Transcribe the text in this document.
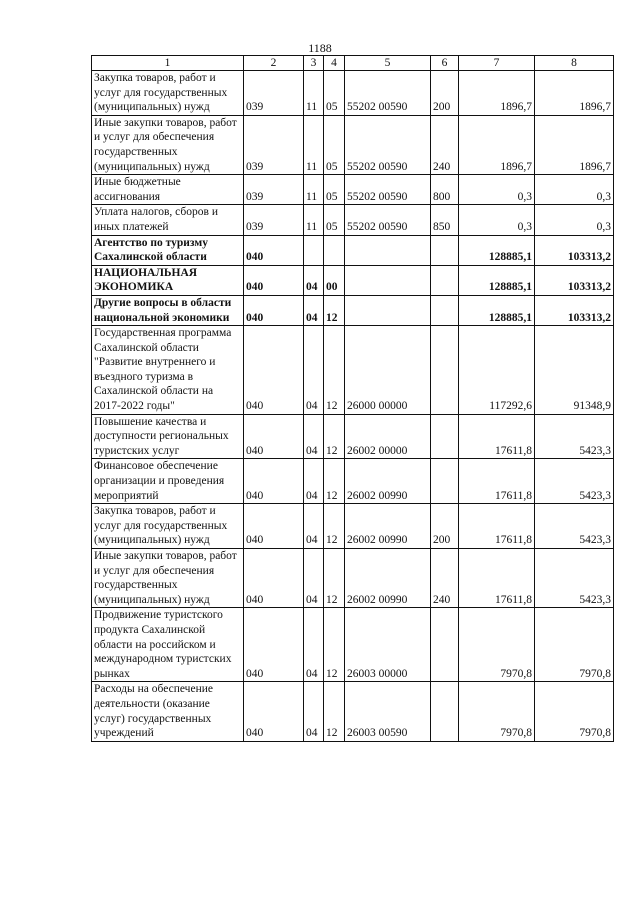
1188
1	2	3	4	5	6	7	8
Закупка товаров, работ и услуг для государственных (муниципальных) нужд	039	11	05	55202 00590	200	1896,7	1896,7
Иные закупки товаров, работ и услуг для обеспечения государственных (муниципальных) нужд	039	11	05	55202 00590	240	1896,7	1896,7
Иные бюджетные ассигнования	039	11	05	55202 00590	800	0,3	0,3
Уплата налогов, сборов и иных платежей	039	11	05	55202 00590	850	0,3	0,3
Агентство по туризму Сахалинской области	040					128885,1	103313,2
НАЦИОНАЛЬНАЯ ЭКОНОМИКА	040	04	00			128885,1	103313,2
Другие вопросы в области национальной экономики	040	04	12			128885,1	103313,2
Государственная программа Сахалинской области "Развитие внутреннего и въездного туризма в Сахалинской области на 2017-2022 годы"	040	04	12	26000 00000		117292,6	91348,9
Повышение качества и доступности региональных туристских услуг	040	04	12	26002 00000		17611,8	5423,3
Финансовое обеспечение организации и проведения мероприятий	040	04	12	26002 00990		17611,8	5423,3
Закупка товаров, работ и услуг для государственных (муниципальных) нужд	040	04	12	26002 00990	200	17611,8	5423,3
Иные закупки товаров, работ и услуг для обеспечения государственных (муниципальных) нужд	040	04	12	26002 00990	240	17611,8	5423,3
Продвижение туристского продукта Сахалинской области на российском и международном туристских рынках	040	04	12	26003 00000		7970,8	7970,8
Расходы на обеспечение деятельности (оказание услуг) государственных учреждений	040	04	12	26003 00590		7970,8	7970,8
